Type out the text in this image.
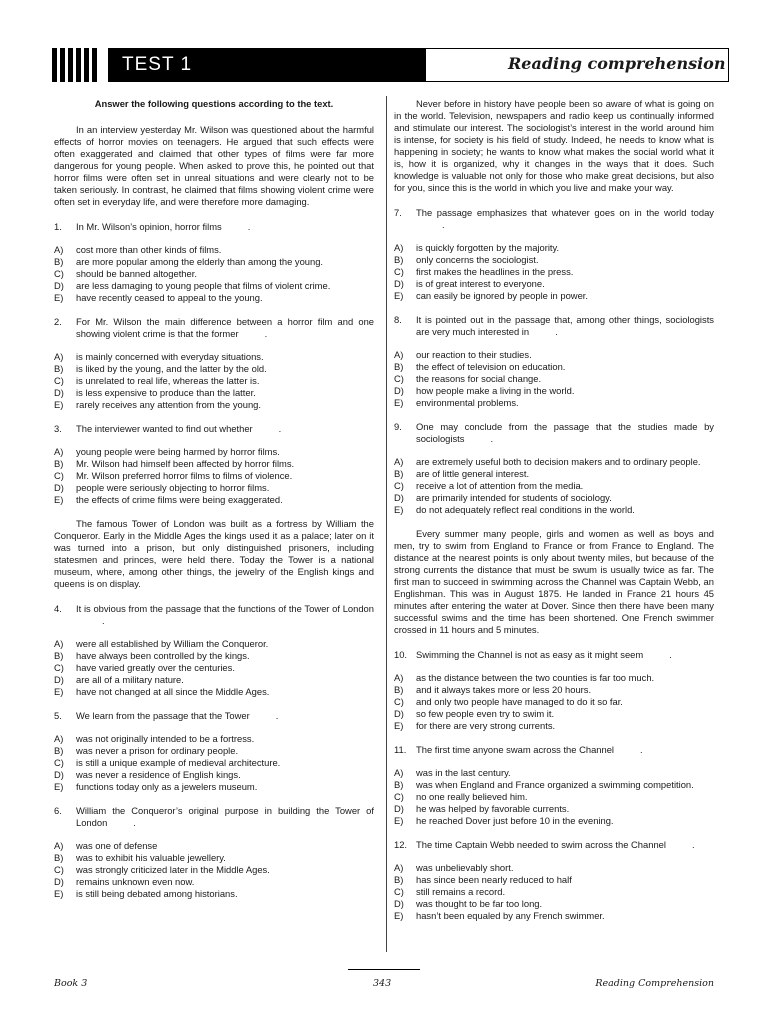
TEST 1	Reading comprehension
Answer the following questions according to the text.

In an interview yesterday Mr. Wilson was questioned about the harmful effects of horror movies on teenagers. He argued that such effects were often exaggerated and claimed that other types of films were far more dangerous for young people. When asked to prove this, he pointed out that horror films were often set in unreal situations and were clearly not to be taken seriously. In contrast, he claimed that films showing violent crime were often set in everyday life, and were therefore more damaging.

1.	In Mr. Wilson’s opinion, horror films	.
A)	cost more than other kinds of films.
B)	are more popular among the elderly than among the young.
C)	should be banned altogether.
D)	are less damaging to young people that films of violent crime.
E)	have recently ceased to appeal to the young.
2.	For Mr. Wilson the main difference between a horror film and one showing violent crime is that the former	.
A)	is mainly concerned with everyday situations.
B)	is liked by the young, and the latter by the old.
C)	is unrelated to real life, whereas the latter is.
D)	is less expensive to produce than the latter.
E)	rarely receives any attention from the young.
3.	The interviewer wanted to find out whether	.
A)	young people were being harmed by horror films.
B)	Mr. Wilson had himself been affected by horror films.
C)	Mr. Wilson preferred horror films to films of violence.
D)	people were seriously objecting to horror films.
E)	the effects of crime films were being exaggerated.

The famous Tower of London was built as a fortress by William the Conqueror. Early in the Middle Ages the kings used it as a palace; later on it was turned into a prison, but only distinguished prisoners, including statesmen and princes, were held there. Today the Tower is a national museum, where, among other things, the jewelry of the English kings and queens is on display.

4.	It is obvious from the passage that the functions of the Tower of London.
A)	were all established by William the Conqueror.
B)	have always been controlled by the kings.
C)	have varied greatly over the centuries.
D)	are all of a military nature.
E)	have not changed at all since the Middle Ages.
5.	We learn from the passage that the Tower	.
A)	was not originally intended to be a fortress.
B)	was never a prison for ordinary people.
C)	is still a unique example of medieval architecture.
D)	was never a residence of English kings.
E)	functions today only as a jewelers museum.
6.	William the Conqueror’s original purpose in building the Tower of London	.
A)	was one of defense
B)	was to exhibit his valuable jewellery.
C)	was strongly criticized later in the Middle Ages.
D)	remains unknown even now.
E)	is still being debated among historians.

Never before in history have people been so aware of what is going on in the world. Television, newspapers and radio keep us continually informed and stimulate our interest. The sociologist’s interest in the world around him is intense, for society is his field of study. Indeed, he needs to know what is happening in society; he wants to know what makes the social world what it is, how it is organized, why it changes in the ways that it does. Such knowledge is valuable not only for those who make great decisions, but also for you, since this is the world in which you live and make your way.

7.	The passage emphasizes that whatever goes on in the world today.
A)	is quickly forgotten by the majority.
B)	only concerns the sociologist.
C)	first makes the headlines in the press.
D)	is of great interest to everyone.
E)	can easily be ignored by people in power.
8.	It is pointed out in the passage that, among other things, sociologists are very much interested in	.
A)	our reaction to their studies.
B)	the effect of television on education.
C)	the reasons for social change.
D)	how people make a living in the world.
E)	environmental problems.
9.	One may conclude from the passage that the studies made by sociologists	.
A)	are extremely useful both to decision makers and to ordinary people.
B)	are of little general interest.
C)	receive a lot of attention from the media.
D)	are primarily intended for students of sociology.
E)	do not adequately reflect real conditions in the world.

Every summer many people, girls and women as well as boys and men, try to swim from England to France or from France to England. The distance at the nearest points is only about twenty miles, but because of the strong currents the distance that must be swum is usually twice as far. The first man to succeed in swimming across the Channel was Captain Webb, an Englishman. This was in August 1875. He landed in France 21 hours 45 minutes after entering the water at Dover. Since then there have been many successful swims and the time has been shortened. One French swimmer crossed in 11 hours and 5 minutes.

10. Swimming the Channel is not as easy as it might seem	.
A)	as the distance between the two counties is far too much.
B)	and it always takes more or less 20 hours.
C)	and only two people have managed to do it so far.
D)	so few people even try to swim it.
E)	for there are very strong currents.
11.	The first time anyone swam across the Channel	.
A)	was in the last century.
B)	was when England and France organized a swimming competition.
C)	no one really believed him.
D)	he was helped by favorable currents.
E)	he reached Dover just before 10 in the evening.
12. The time Captain Webb needed to swim across the Channel	.
A)	was unbelievably short.
B)	has since been nearly reduced to half
C)	still remains a record.
D)	was thought to be far too long.
E)	hasn’t been equaled by any French swimmer.
Book 3	343	Reading Comprehension
